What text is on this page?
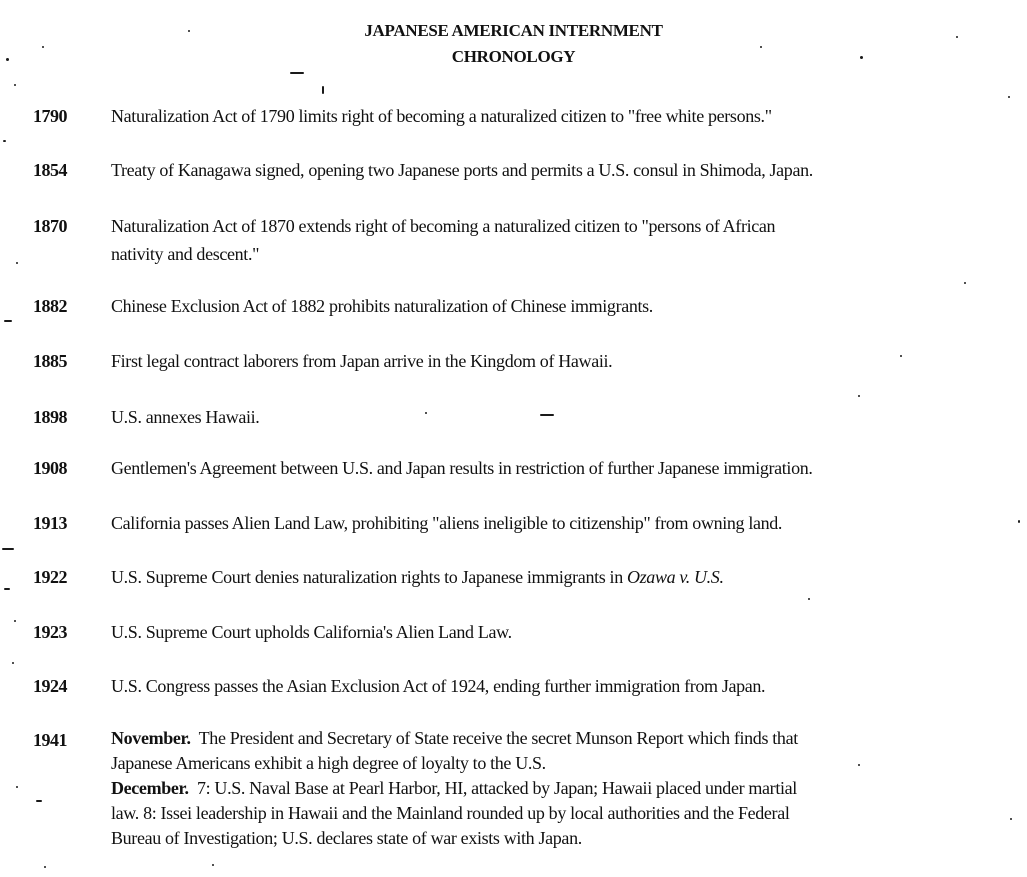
JAPANESE AMERICAN INTERNMENT
CHRONOLOGY
1790 Naturalization Act of 1790 limits right of becoming a naturalized citizen to "free white persons."
1854 Treaty of Kanagawa signed, opening two Japanese ports and permits a U.S. consul in Shimoda, Japan.
1870 Naturalization Act of 1870 extends right of becoming a naturalized citizen to "persons of African
nativity and descent."
1882 Chinese Exclusion Act of 1882 prohibits naturalization of Chinese immigrants.
1885 First legal contract laborers from Japan arrive in the Kingdom of Hawaii.
1898 U.S. annexes Hawaii.
1908 Gentlemen's Agreement between U.S. and Japan results in restriction of further Japanese immigration.
1913 California passes Alien Land Law, prohibiting "aliens ineligible to citizenship" from owning land.
1922 U.S. Supreme Court denies naturalization rights to Japanese immigrants in Ozawa v. U.S.
1923 U.S. Supreme Court upholds California's Alien Land Law.
1924 U.S. Congress passes the Asian Exclusion Act of 1924, ending further immigration from Japan.
1941 November. The President and Secretary of State receive the secret Munson Report which finds that
Japanese Americans exhibit a high degree of loyalty to the U.S.
December. 7: U.S. Naval Base at Pearl Harbor, HI, attacked by Japan; Hawaii placed under martial
law. 8: Issei leadership in Hawaii and the Mainland rounded up by local authorities and the Federal
Bureau of Investigation; U.S. declares state of war exists with Japan.
